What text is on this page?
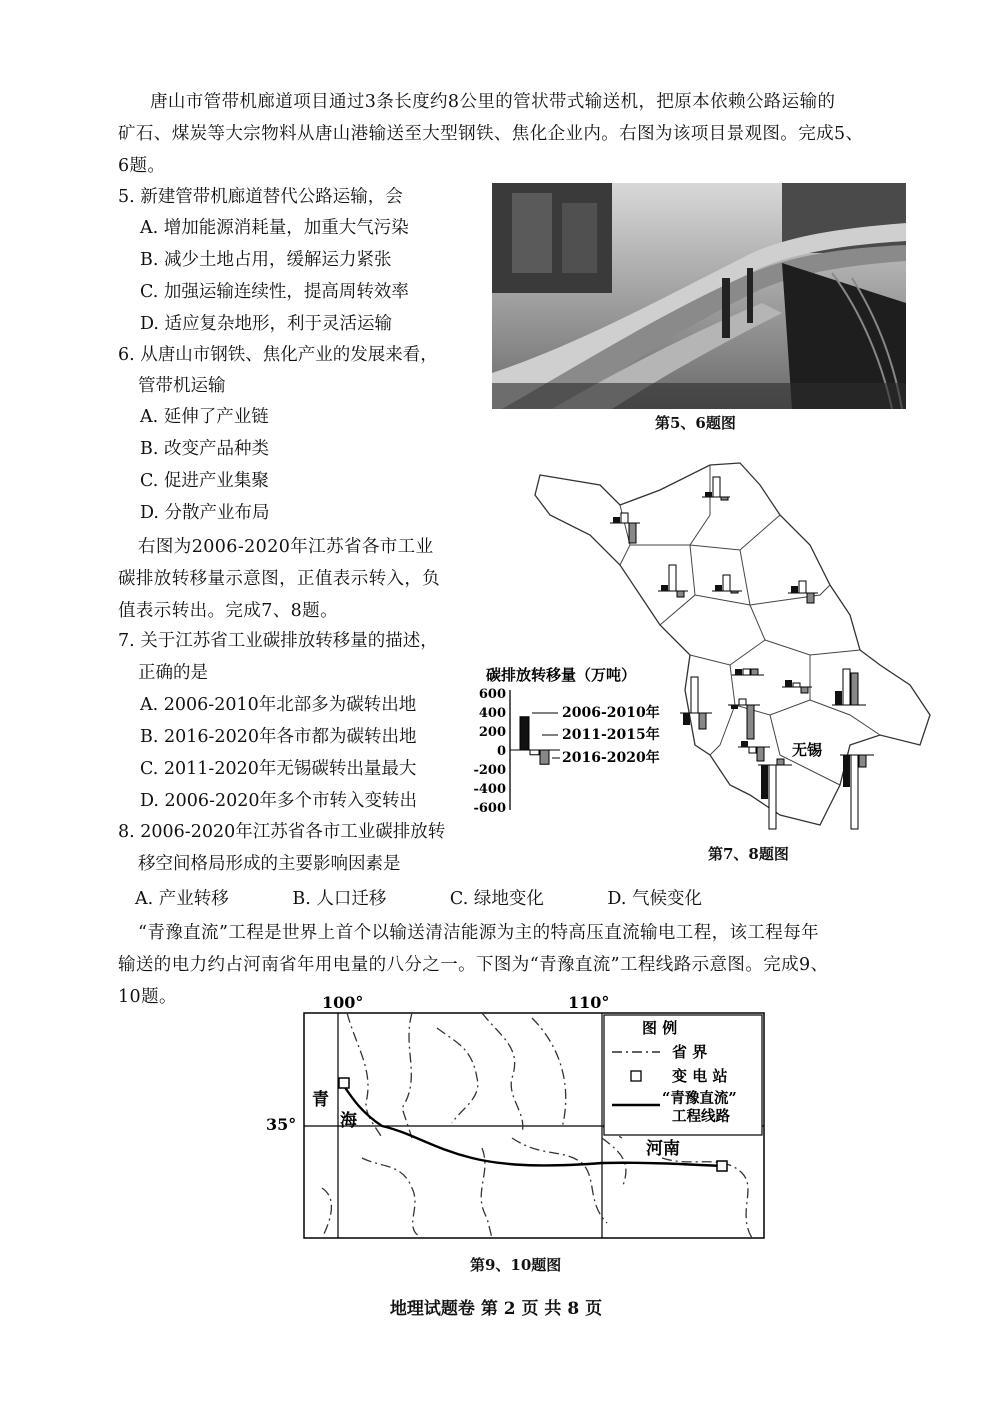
唐山市管带机廊道项目通过3条长度约8公里的管状带式输送机，把原本依赖公路运输的
矿石、煤炭等大宗物料从唐山港输送至大型钢铁、焦化企业内。右图为该项目景观图。完成5、
6题。
5. 新建管带机廊道替代公路运输，会
A. 增加能源消耗量，加重大气污染
B. 减少土地占用，缓解运力紧张
C. 加强运输连续性，提高周转效率
D. 适应复杂地形，利于灵活运输
6. 从唐山市钢铁、焦化产业的发展来看，
管带机运输
A. 延伸了产业链
B. 改变产品种类
C. 促进产业集聚
D. 分散产业布局
第5、6题图
右图为2006-2020年江苏省各市工业
碳排放转移量示意图，正值表示转入，负
值表示转出。完成7、8题。
7. 关于江苏省工业碳排放转移量的描述，
正确的是
A. 2006-2010年北部多为碳转出地
B. 2016-2020年各市都为碳转出地
C. 2011-2020年无锡碳转出量最大
D. 2006-2020年多个市转入变转出
8. 2006-2020年江苏省各市工业碳排放转
移空间格局形成的主要影响因素是
A. 产业转移	B. 人口迁移	C. 绿地变化	D. 气候变化
碳排放转移量（万吨）
600
400
200
0
-200
-400
-600
2006-2010年
2011-2015年
2016-2020年	无锡
第7、8题图
“青豫直流”工程是世界上首个以输送清洁能源为主的特高压直流输电工程，该工程每年
输送的电力约占河南省年用电量的八分之一。下图为“青豫直流”工程线路示意图。完成9、
10题。	100°	110°
35°
青
海
河南
图 例
省 界
变 电 站
“青豫直流”
工程线路
第9、10题图
地理试题卷 第 2 页 共 8 页
